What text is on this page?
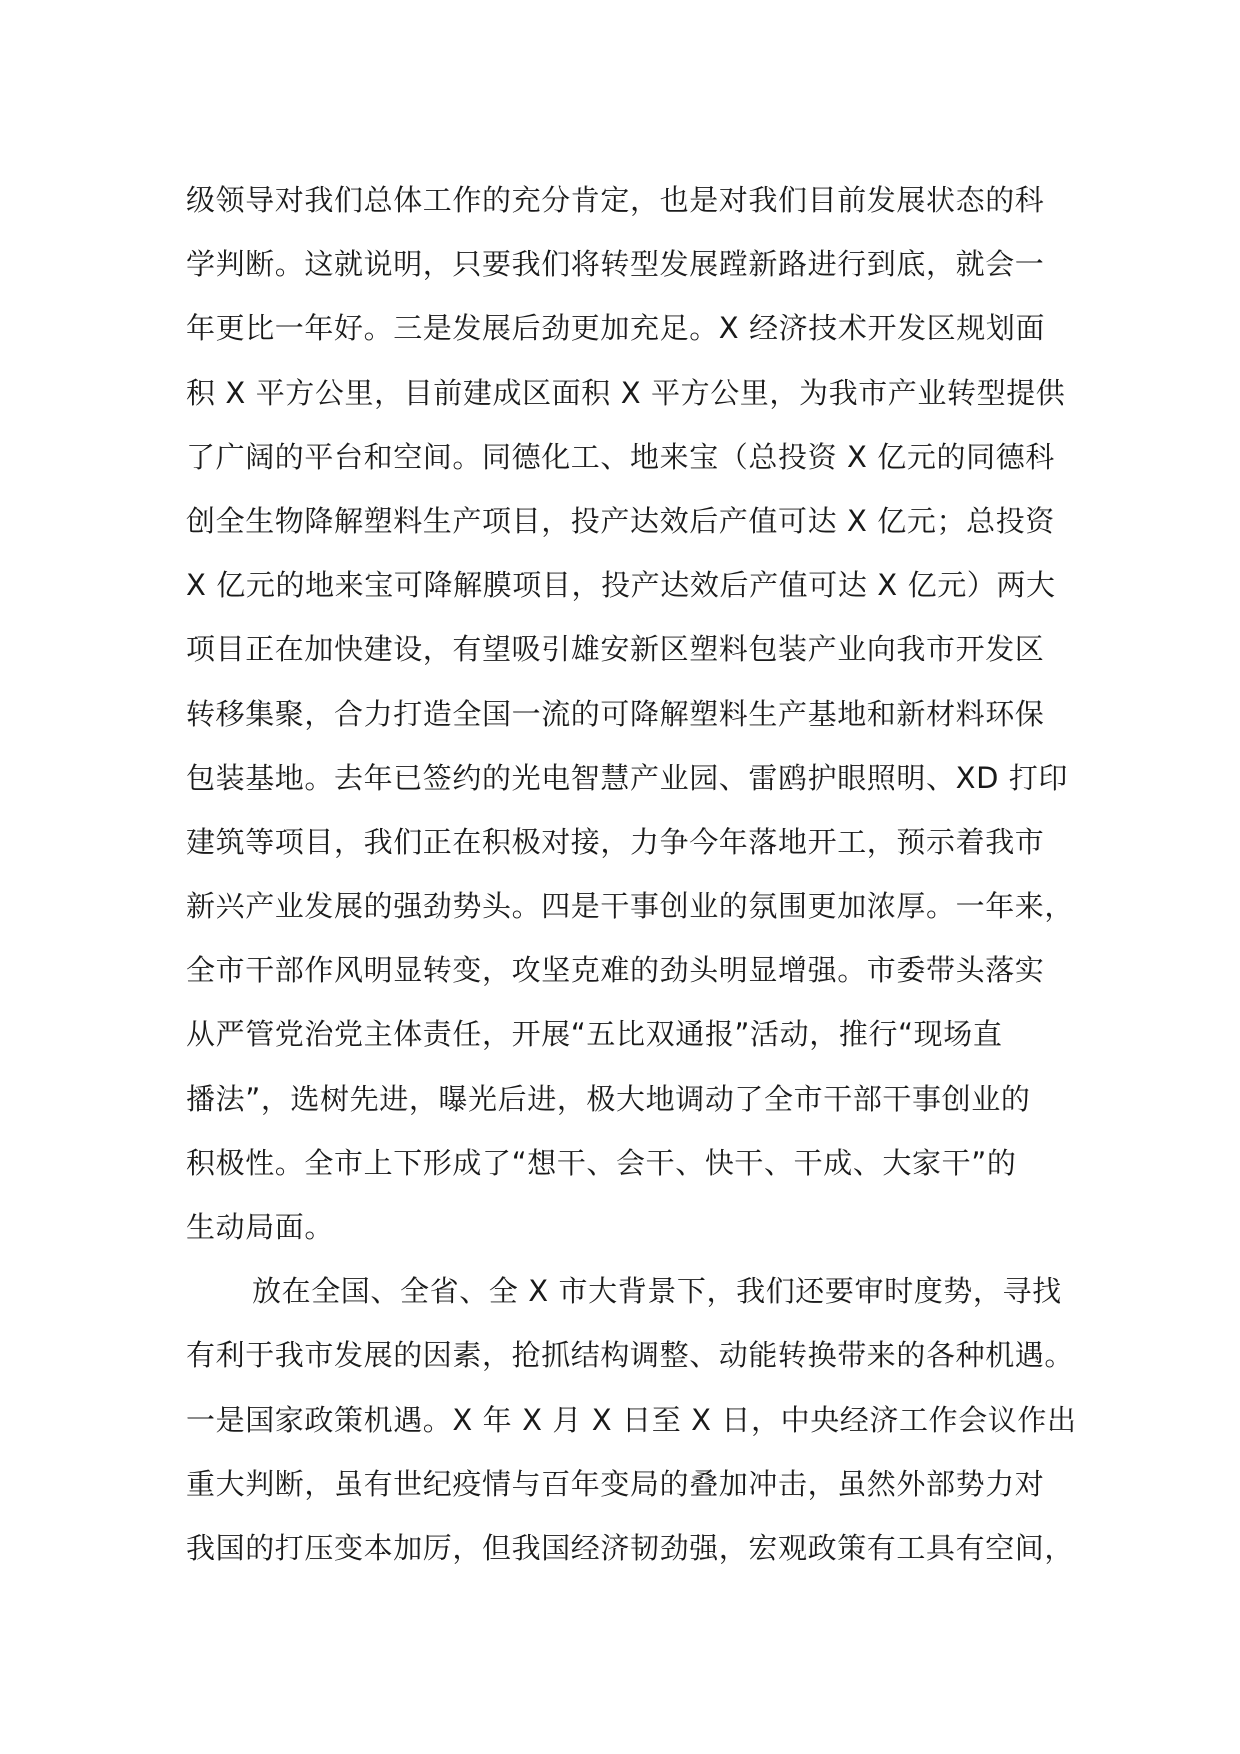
级领导对我们总体工作的充分肯定，也是对我们目前发展状态的科
学判断。这就说明，只要我们将转型发展蹚新路进行到底，就会一
年更比一年好。三是发展后劲更加充足。X 经济技术开发区规划面
积 X 平方公里，目前建成区面积 X 平方公里，为我市产业转型提供
了广阔的平台和空间。同德化工、地来宝（总投资 X 亿元的同德科
创全生物降解塑料生产项目，投产达效后产值可达 X 亿元；总投资
X 亿元的地来宝可降解膜项目，投产达效后产值可达 X 亿元）两大
项目正在加快建设，有望吸引雄安新区塑料包装产业向我市开发区
转移集聚，合力打造全国一流的可降解塑料生产基地和新材料环保
包装基地。去年已签约的光电智慧产业园、雷鸥护眼照明、XD 打印
建筑等项目，我们正在积极对接，力争今年落地开工，预示着我市
新兴产业发展的强劲势头。四是干事创业的氛围更加浓厚。一年来，
全市干部作风明显转变，攻坚克难的劲头明显增强。市委带头落实
从严管党治党主体责任，开展“五比双通报”活动，推行“现场直
播法”，选树先进，曝光后进，极大地调动了全市干部干事创业的
积极性。全市上下形成了“想干、会干、快干、干成、大家干”的
生动局面。
放在全国、全省、全 X 市大背景下，我们还要审时度势，寻找
有利于我市发展的因素，抢抓结构调整、动能转换带来的各种机遇。
一是国家政策机遇。X 年 X 月 X 日至 X 日，中央经济工作会议作出
重大判断，虽有世纪疫情与百年变局的叠加冲击，虽然外部势力对
我国的打压变本加厉，但我国经济韧劲强，宏观政策有工具有空间，
